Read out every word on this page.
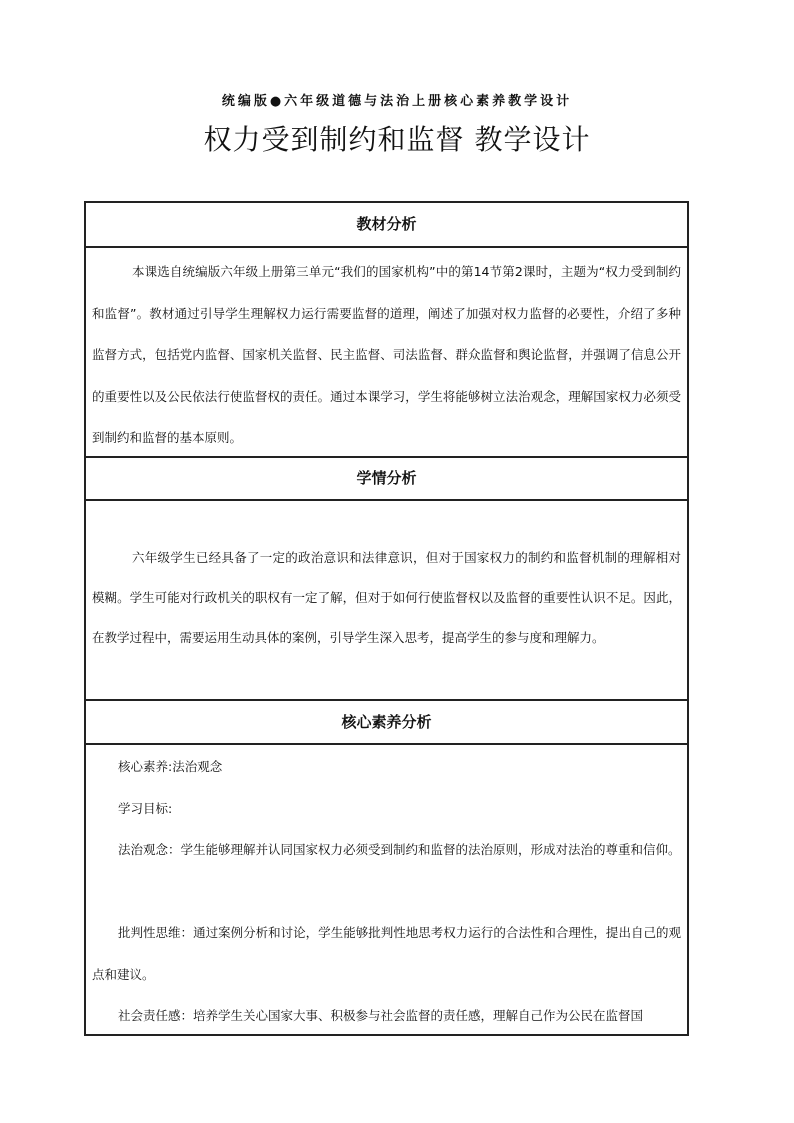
统编版●六年级道德与法治上册核心素养教学设计
权力受到制约和监督 教学设计
教材分析
本课选自统编版六年级上册第三单元“我们的国家机构”中的第14节第2课时，主题为“权力受到制约和监督”。教材通过引导学生理解权力运行需要监督的道理，阐述了加强对权力监督的必要性，介绍了多种监督方式，包括党内监督、国家机关监督、民主监督、司法监督、群众监督和舆论监督，并强调了信息公开的重要性以及公民依法行使监督权的责任。通过本课学习，学生将能够树立法治观念，理解国家权力必须受到制约和监督的基本原则。
学情分析
六年级学生已经具备了一定的政治意识和法律意识，但对于国家权力的制约和监督机制的理解相对模糊。学生可能对行政机关的职权有一定了解，但对于如何行使监督权以及监督的重要性认识不足。因此，在教学过程中，需要运用生动具体的案例，引导学生深入思考，提高学生的参与度和理解力。
核心素养分析
核心素养:法治观念
学习目标:
法治观念：学生能够理解并认同国家权力必须受到制约和监督的法治原则，形成对法治的尊重和信仰。
批判性思维：通过案例分析和讨论，学生能够批判性地思考权力运行的合法性和合理性，提出自己的观点和建议。
社会责任感：培养学生关心国家大事、积极参与社会监督的责任感，理解自己作为公民在监督国
